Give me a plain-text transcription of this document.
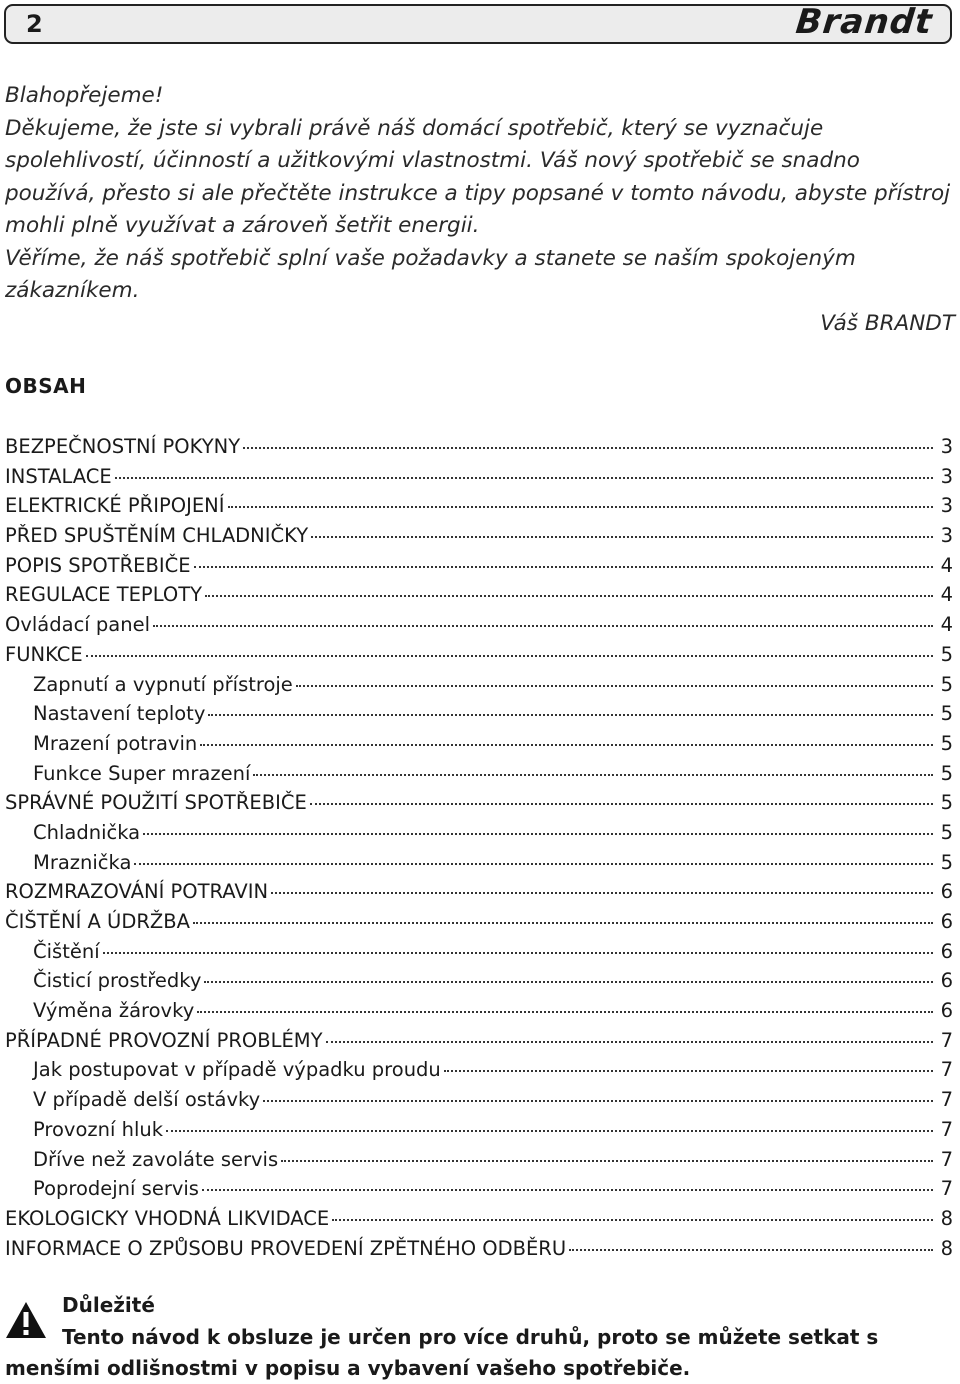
2	Brandt

Blahopřejeme!

Děkujeme, že jste si vybrali právě náš domácí spotřebič, který se vyznačuje spolehlivostí, účinností a užitkovými vlastnostmi. Váš nový spotřebič se snadno používá, přesto si ale přečtěte instrukce a tipy popsané v tomto návodu, abyste přístroj mohli plně využívat a zároveň šetřit energii.

Věříme, že náš spotřebič splní vaše požadavky a stanete se naším spokojeným zákazníkem.

Váš BRANDT

OBSAH
BEZPEČNOSTNÍ POKYNY	3
INSTALACE	3
ELEKTRICKÉ PŘIPOJENÍ	3
PŘED SPUŠTĚNÍM CHLADNIČKY	3
POPIS SPOTŘEBIČE	4
REGULACE TEPLOTY	4
Ovládací panel	4
FUNKCE	5
Zapnutí a vypnutí přístroje	5
Nastavení teploty	5
Mrazení potravin	5
Funkce Super mrazení	5
SPRÁVNÉ POUŽITÍ SPOTŘEBIČE	5
Chladnička	5
Mraznička	5
ROZMRAZOVÁNÍ POTRAVIN	6
ČIŠTĚNÍ A ÚDRŽBA	6
Čištění	6
Čisticí prostředky	6
Výměna žárovky	6
PŘÍPADNÉ PROVOZNÍ PROBLÉMY	7
Jak postupovat v případě výpadku proudu	7
V případě delší ostávky	7
Provozní hluk	7
Dříve než zavoláte servis	7
Poprodejní servis	7
EKOLOGICKY VHODNÁ LIKVIDACE	8
INFORMACE O ZPŮSOBU PROVEDENÍ ZPĚTNÉHO ODBĚRU	8
Důležité

Tento návod k obsluze je určen pro více druhů, proto se můžete setkat s menšími odlišnostmi v popisu a vybavení vašeho spotřebiče.
